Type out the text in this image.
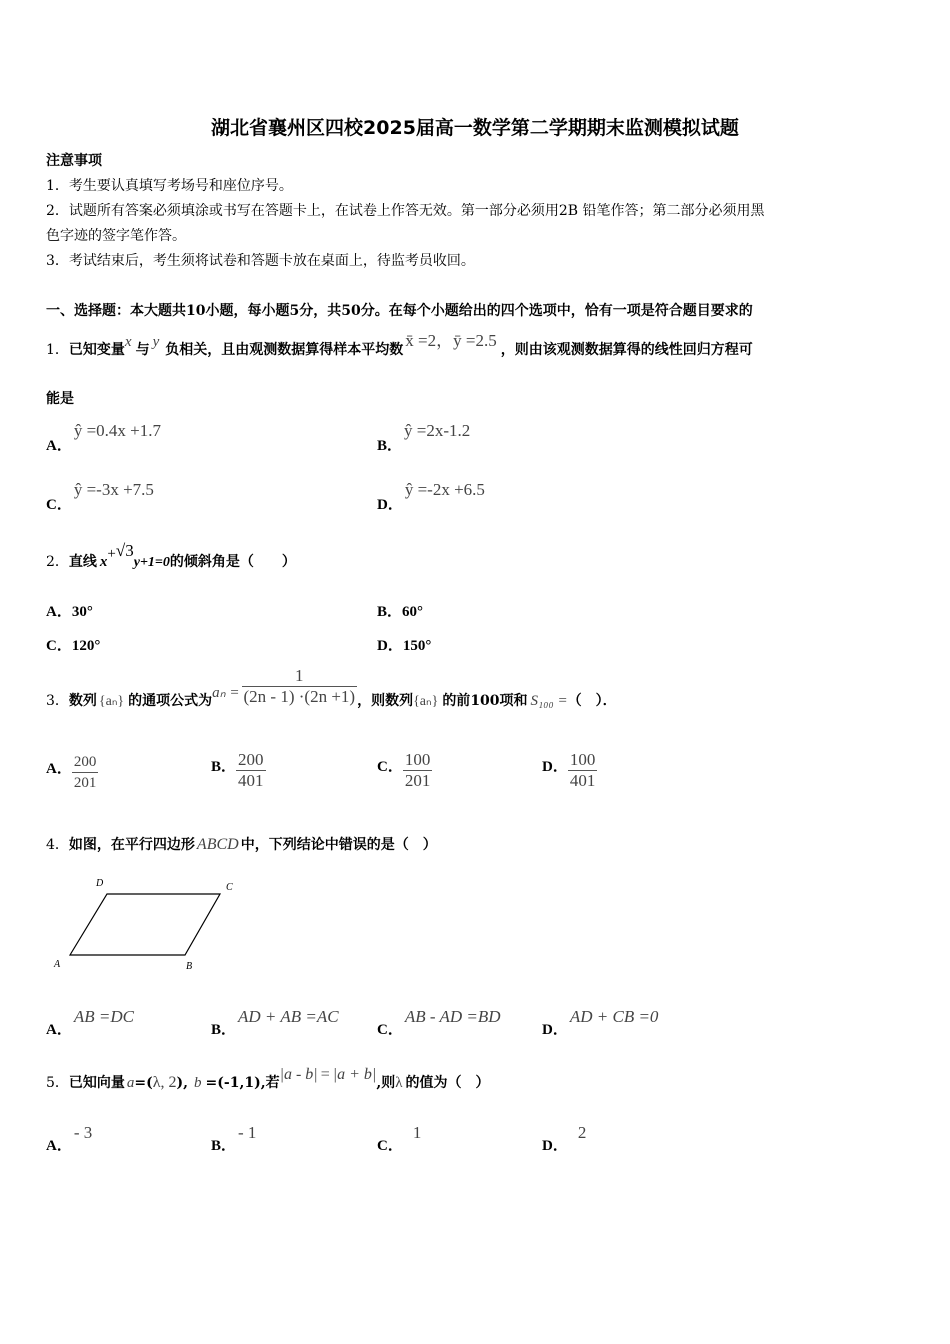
湖北省襄州区四校2025届高一数学第二学期期末监测模拟试题
注意事项
1．考生要认真填写考场号和座位序号。
2．试题所有答案必须填涂或书写在答题卡上，在试卷上作答无效。第一部分必须用2B 铅笔作答；第二部分必须用黑
色字迹的签字笔作答。
3．考试结束后，考生须将试卷和答题卡放在桌面上，待监考员收回。
一、选择题：本大题共10小题，每小题5分，共50分。在每个小题给出的四个选项中，恰有一项是符合题目要求的
1．已知变量x 与 y 负相关，且由观测数据算得样本平均数 x̄ =2，ȳ =2.5 ，则由该观测数据算得的线性回归方程可
能是
A．ŷ =0.4x +1.7
B．ŷ =2x-1.2
C．ŷ =-3x +7.5
D．ŷ =-2x +6.5
2．直线 x+√3y+1=0的倾斜角是（　　）
A．30°	B．60°
C．120°	D．150°
3．数列 {aₙ} 的通项公式为$a_n = \frac{1}{(2n - 1) \cdot(2n +1)}$ ，则数列{aₙ} 的前100项和 S₁₀₀ =（　）．
A． $\frac{200}{201}$	B． $\frac{200}{401}$	C． $\frac{100}{201}$	D． $\frac{100}{401}$
4．如图，在平行四边形 ABCD 中，下列结论中错误的是（　）
A	B
C
D
A．AB =DC
B．AD + AB =AC
C．AB - AD =BD
D．AD + CB =0
5．已知向量 a=(λ, 2), b =(-1,1),若|a - b| = |a + b|,则λ 的值为（　）
A．- 3
B．- 1
C．1
D．2
